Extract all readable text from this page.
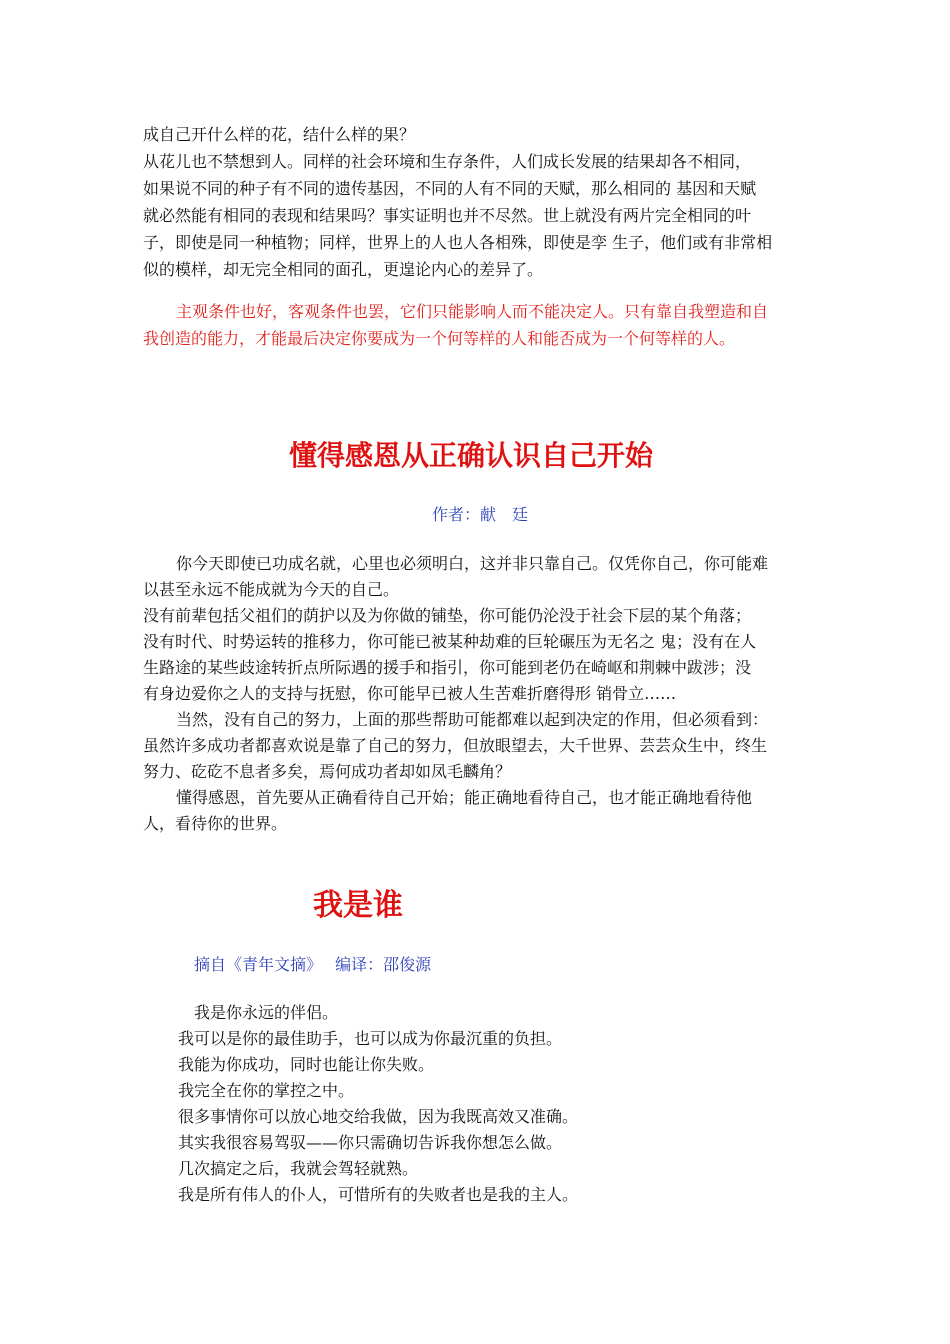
成自己开什么样的花，结什么样的果？
从花儿也不禁想到人。同样的社会环境和生存条件，人们成长发展的结果却各不相同，
如果说不同的种子有不同的遗传基因，不同的人有不同的天赋，那么相同的 基因和天赋
就必然能有相同的表现和结果吗？事实证明也并不尽然。世上就没有两片完全相同的叶
子，即使是同一种植物；同样，世界上的人也人各相殊，即使是孪 生子，他们或有非常相
似的模样，却无完全相同的面孔，更遑论内心的差异了。
主观条件也好，客观条件也罢，它们只能影响人而不能决定人。只有靠自我塑造和自
我创造的能力，才能最后决定你要成为一个何等样的人和能否成为一个何等样的人。
懂得感恩从正确认识自己开始
作者：献　廷
你今天即使已功成名就，心里也必须明白，这并非只靠自己。仅凭你自己，你可能难
以甚至永远不能成就为今天的自己。
没有前辈包括父祖们的荫护以及为你做的铺垫，你可能仍沦没于社会下层的某个角落；
没有时代、时势运转的推移力，你可能已被某种劫难的巨轮碾压为无名之 鬼；没有在人
生路途的某些歧途转折点所际遇的援手和指引，你可能到老仍在崎岖和荆棘中跋涉；没
有身边爱你之人的支持与抚慰，你可能早已被人生苦难折磨得形 销骨立……
当然，没有自己的努力，上面的那些帮助可能都难以起到决定的作用，但必须看到：
虽然许多成功者都喜欢说是靠了自己的努力，但放眼望去，大千世界、芸芸众生中，终生
努力、矻矻不息者多矣，焉何成功者却如凤毛麟角？
懂得感恩，首先要从正确看待自己开始；能正确地看待自己，也才能正确地看待他
人，看待你的世界。
我是谁
摘自《青年文摘》　 编译：邵俊源
我是你永远的伴侣。
我可以是你的最佳助手，也可以成为你最沉重的负担。
我能为你成功，同时也能让你失败。
我完全在你的掌控之中。
很多事情你可以放心地交给我做，因为我既高效又准确。
其实我很容易驾驭——你只需确切告诉我你想怎么做。
几次搞定之后，我就会驾轻就熟。
我是所有伟人的仆人，可惜所有的失败者也是我的主人。
